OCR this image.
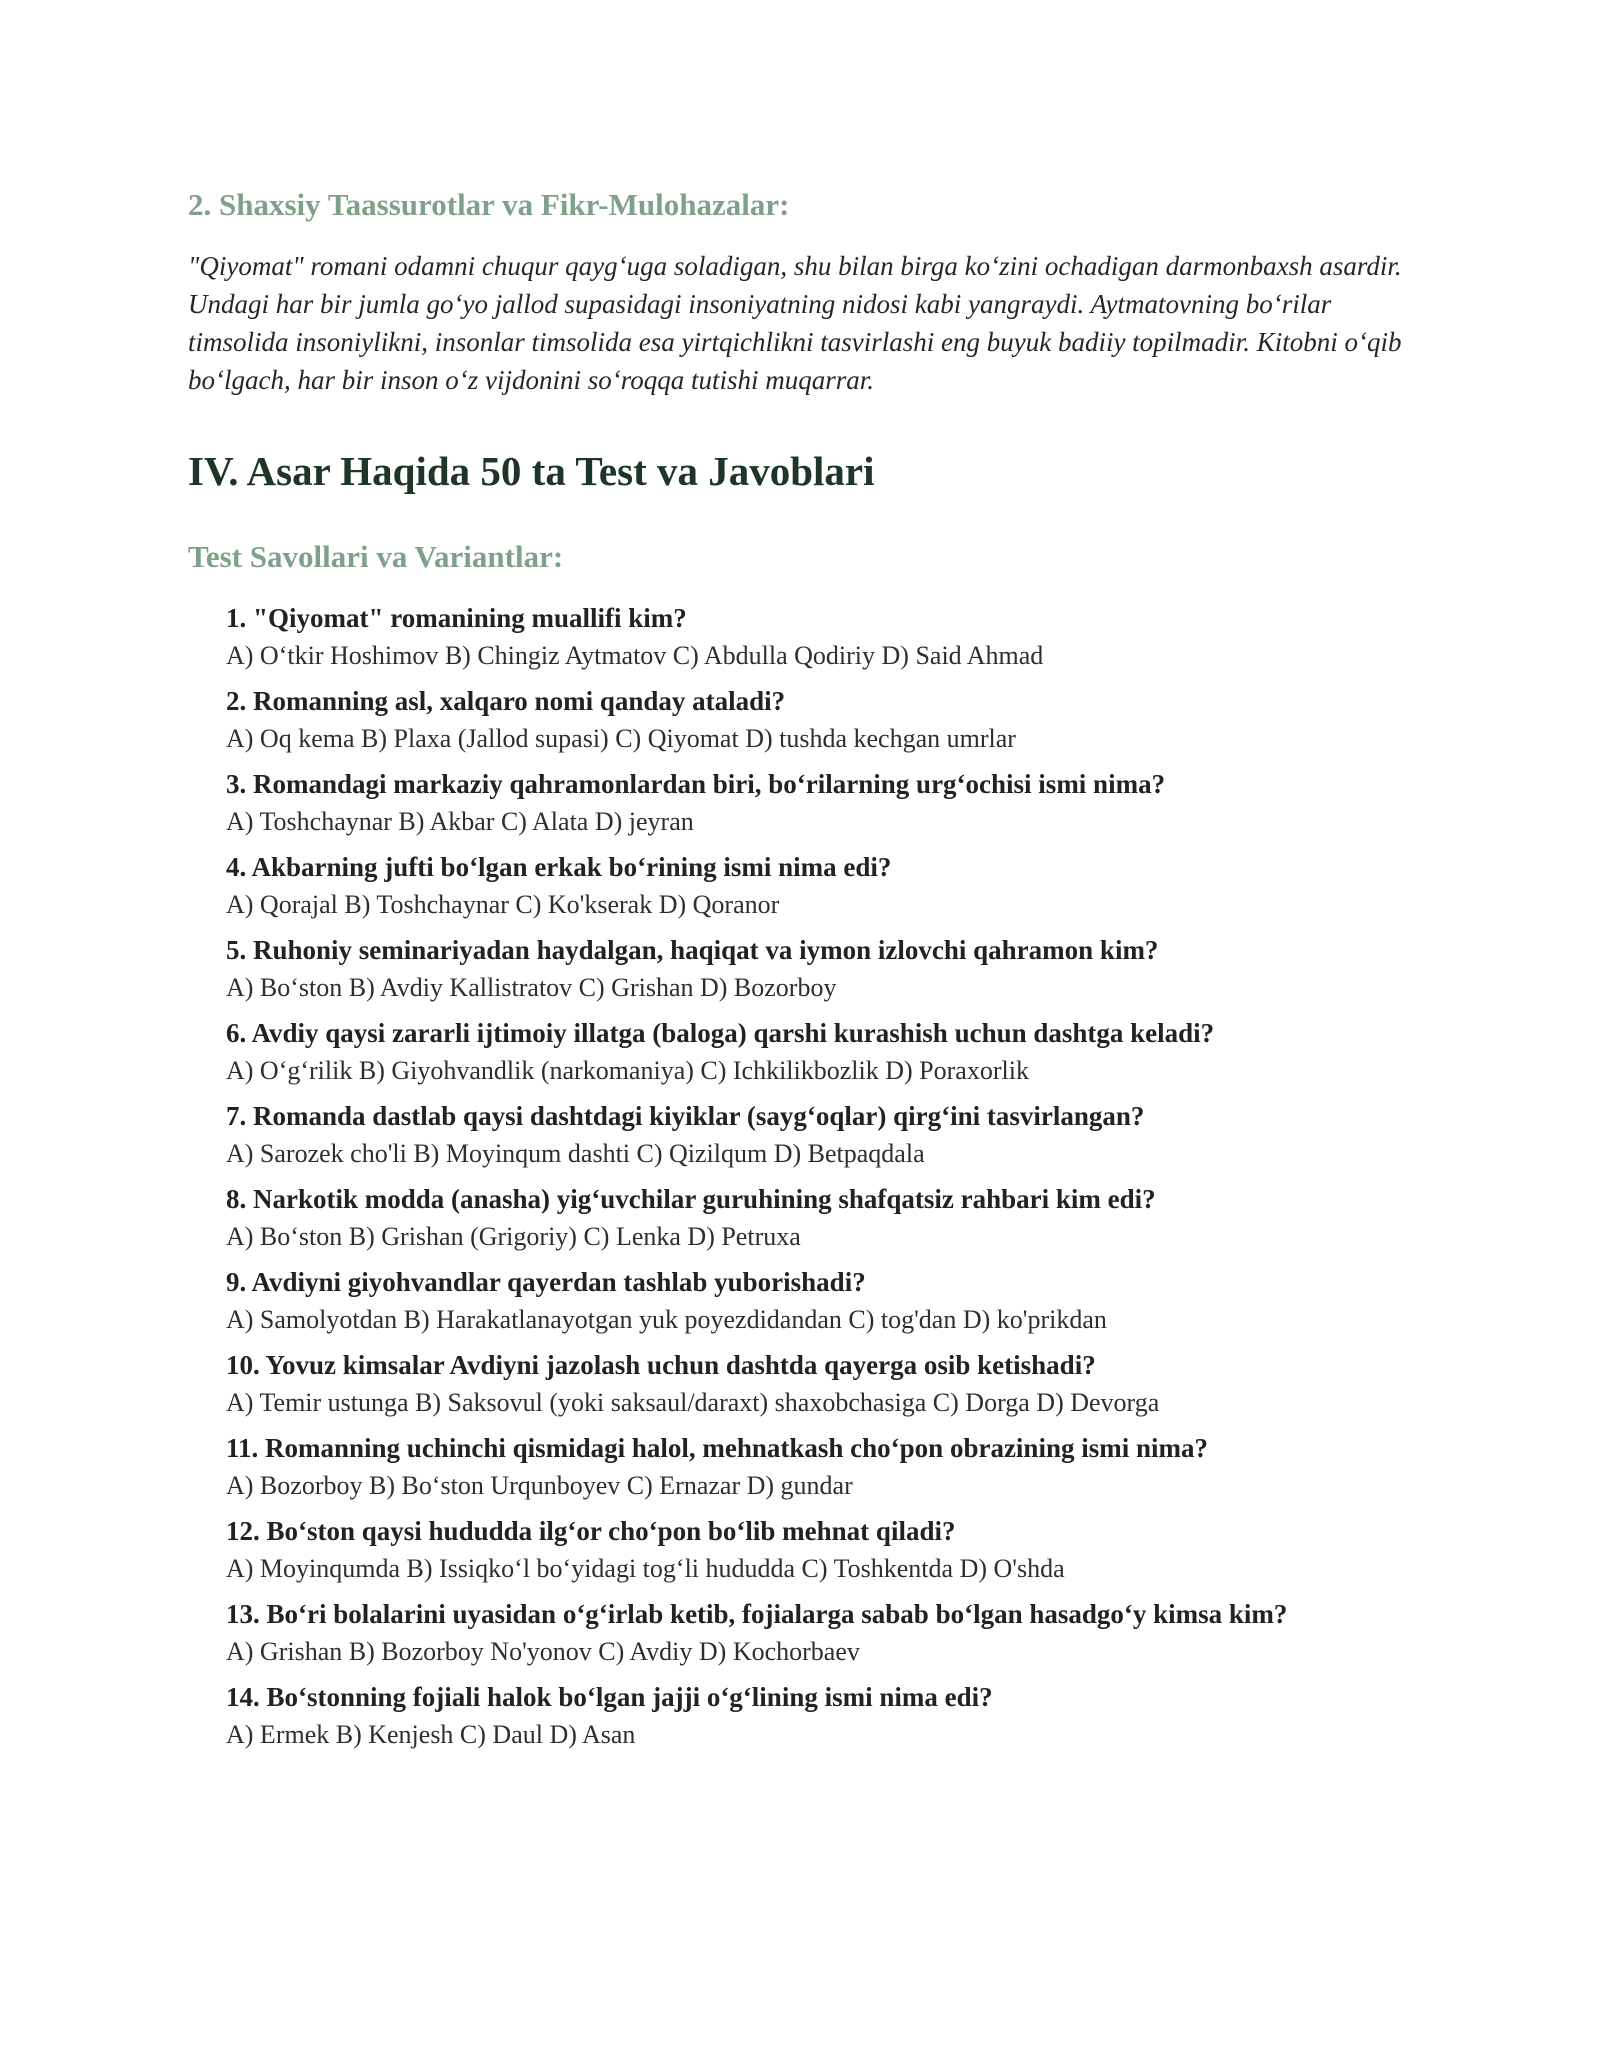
2. Shaxsiy Taassurotlar va Fikr-Mulohazalar:

"Qiyomat" romani odamni chuqur qayg‘uga soladigan, shu bilan birga ko‘zini ochadigan darmonbaxsh asardir. Undagi har bir jumla go‘yo jallod supasidagi insoniyatning nidosi kabi yangraydi. Aytmatovning bo‘rilar timsolida insoniylikni, insonlar timsolida esa yirtqichlikni tasvirlashi eng buyuk badiiy topilmadir. Kitobni o‘qib bo‘lgach, har bir inson o‘z vijdonini so‘roqqa tutishi muqarrar.

IV. Asar Haqida 50 ta Test va Javoblari
Test Savollari va Variantlar:
1. "Qiyomat" romanining muallifi kim?
A) O‘tkir Hoshimov B) Chingiz Aytmatov C) Abdulla Qodiriy D) Said Ahmad
2. Romanning asl, xalqaro nomi qanday ataladi?
A) Oq kema B) Plaxa (Jallod supasi) C) Qiyomat D) tushda kechgan umrlar
3. Romandagi markaziy qahramonlardan biri, bo‘rilarning urg‘ochisi ismi nima?
A) Toshchaynar B) Akbar C) Alata D) jeyran
4. Akbarning jufti bo‘lgan erkak bo‘rining ismi nima edi?
A) Qorajal B) Toshchaynar C) Ko'kserak D) Qoranor
5. Ruhoniy seminariyadan haydalgan, haqiqat va iymon izlovchi qahramon kim?
A) Bo‘ston B) Avdiy Kallistratov C) Grishan D) Bozorboy
6. Avdiy qaysi zararli ijtimoiy illatga (baloga) qarshi kurashish uchun dashtga keladi?
A) O‘g‘rilik B) Giyohvandlik (narkomaniya) C) Ichkilikbozlik D) Poraxorlik
7. Romanda dastlab qaysi dashtdagi kiyiklar (sayg‘oqlar) qirg‘ini tasvirlangan?
A) Sarozek cho'li B) Moyinqum dashti C) Qizilqum D) Betpaqdala
8. Narkotik modda (anasha) yig‘uvchilar guruhining shafqatsiz rahbari kim edi?
A) Bo‘ston B) Grishan (Grigoriy) C) Lenka D) Petruxa
9. Avdiyni giyohvandlar qayerdan tashlab yuborishadi?
A) Samolyotdan B) Harakatlanayotgan yuk poyezdidandan C) tog'dan D) ko'prikdan
10. Yovuz kimsalar Avdiyni jazolash uchun dashtda qayerga osib ketishadi?
A) Temir ustunga B) Saksovul (yoki saksaul/daraxt) shaxobchasiga C) Dorga D) Devorga
11. Romanning uchinchi qismidagi halol, mehnatkash cho‘pon obrazining ismi nima?
A) Bozorboy B) Bo‘ston Urqunboyev C) Ernazar D) gundar
12. Bo‘ston qaysi hududda ilg‘or cho‘pon bo‘lib mehnat qiladi?
A) Moyinqumda B) Issiqko‘l bo‘yidagi tog‘li hududda C) Toshkentda D) O'shda
13. Bo‘ri bolalarini uyasidan o‘g‘irlab ketib, fojialarga sabab bo‘lgan hasadgo‘y kimsa kim?
A) Grishan B) Bozorboy No'yonov C) Avdiy D) Kochorbaev
14. Bo‘stonning fojiali halok bo‘lgan jajji o‘g‘lining ismi nima edi?
A) Ermek B) Kenjesh C) Daul D) Asan
